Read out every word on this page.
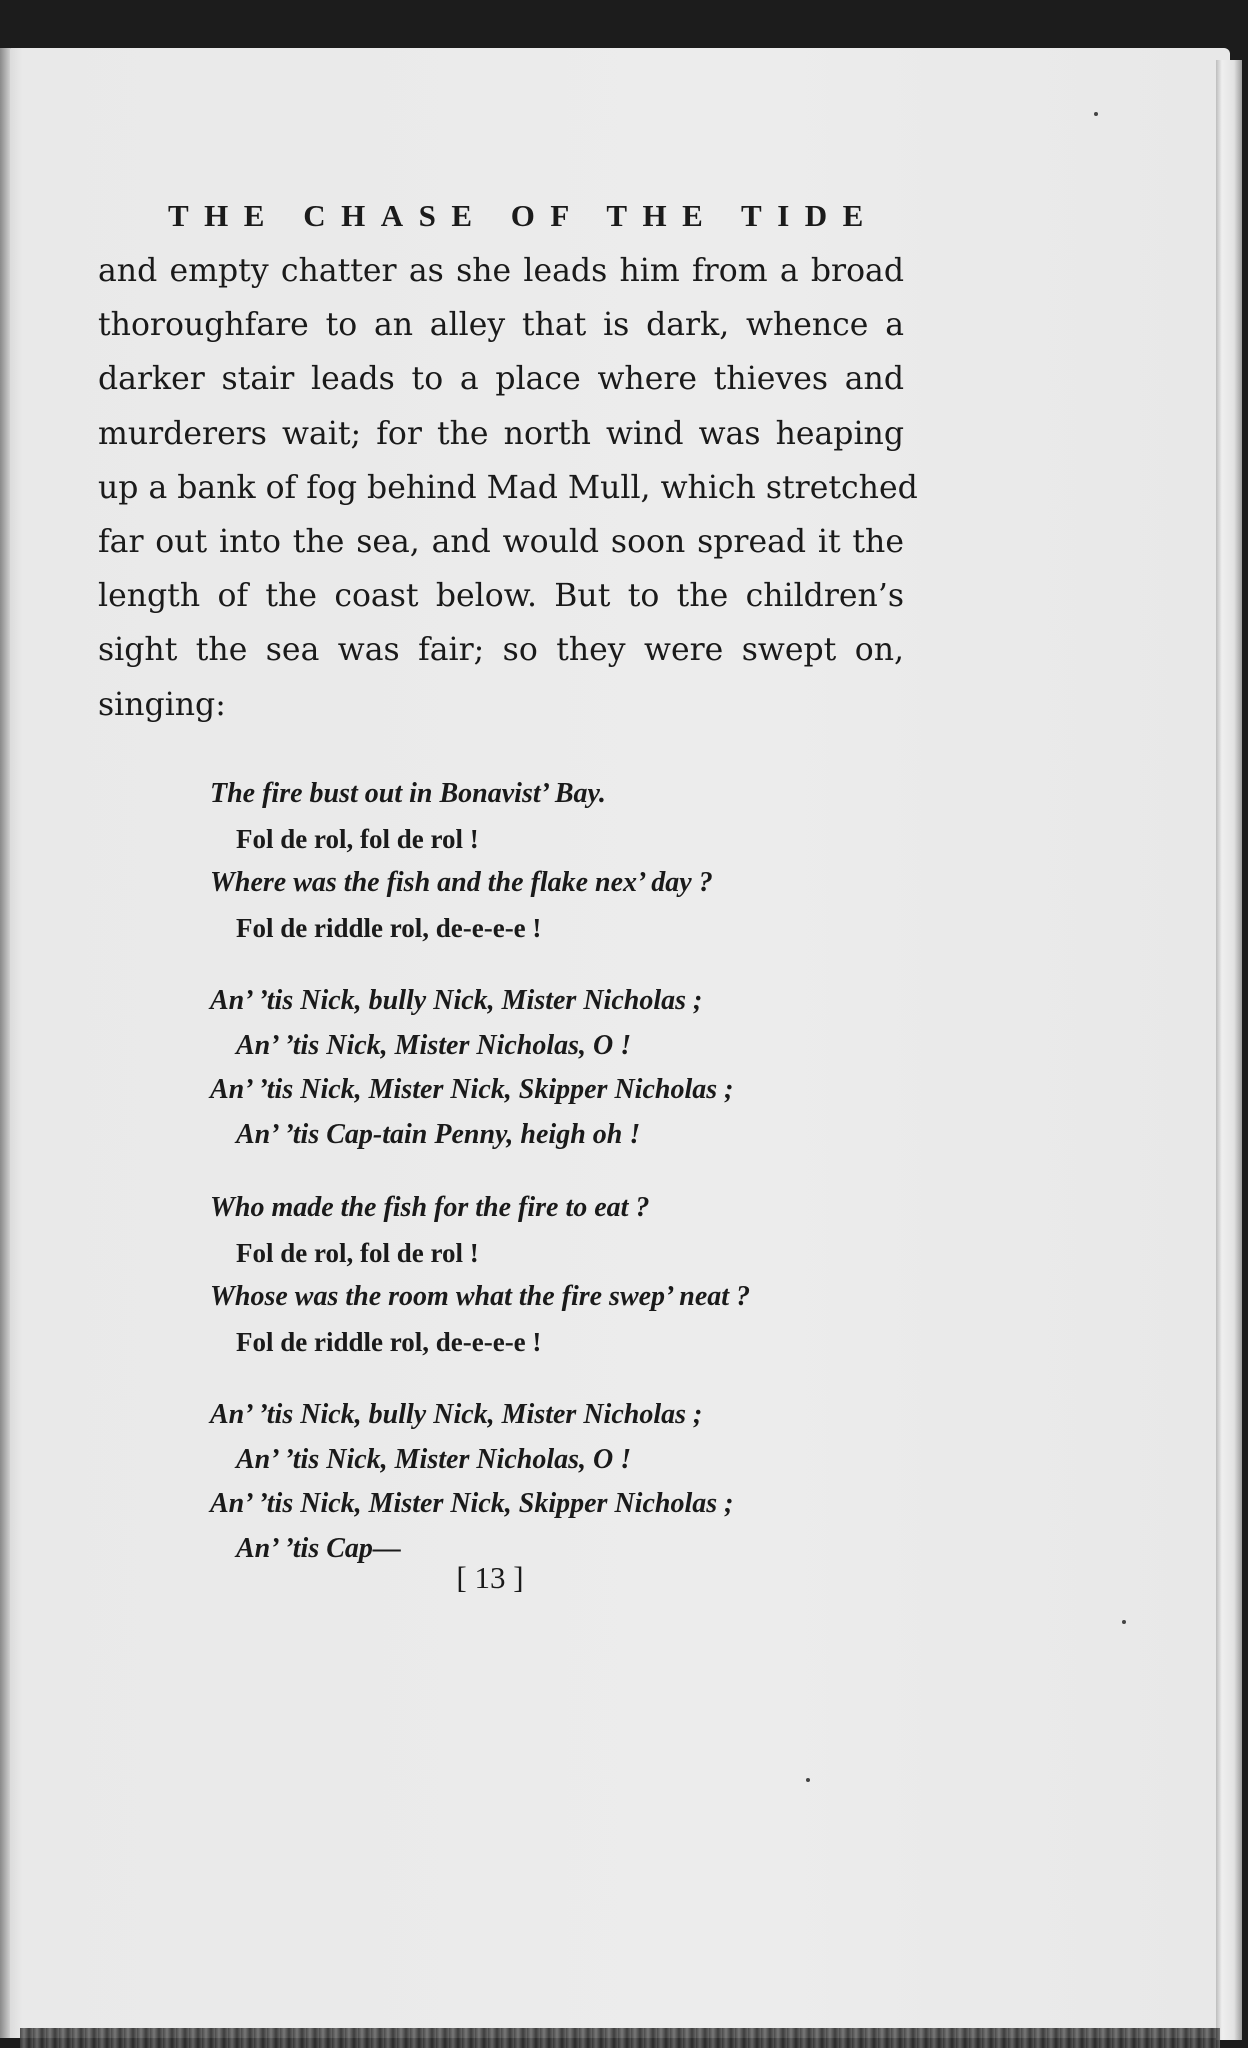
THE CHASE OF THE TIDE
and empty chatter as she leads him from a broad
thoroughfare to an alley that is dark, whence a
darker stair leads to a place where thieves and
murderers wait; for the north wind was heaping
up a bank of fog behind Mad Mull, which stretched
far out into the sea, and would soon spread it the
length of the coast below. But to the children’s
sight the sea was fair; so they were swept on,
singing:
The fire bust out in Bonavist’ Bay.
Fol de rol, fol de rol !
Where was the fish and the flake nex’ day ?
Fol de riddle rol, de-e-e-e !
An’ ’tis Nick, bully Nick, Mister Nicholas ;
An’ ’tis Nick, Mister Nicholas, O !
An’ ’tis Nick, Mister Nick, Skipper Nicholas ;
An’ ’tis Cap-tain Penny, heigh oh !
Who made the fish for the fire to eat ?
Fol de rol, fol de rol !
Whose was the room what the fire swep’ neat ?
Fol de riddle rol, de-e-e-e !
An’ ’tis Nick, bully Nick, Mister Nicholas ;
An’ ’tis Nick, Mister Nicholas, O !
An’ ’tis Nick, Mister Nick, Skipper Nicholas ;
An’ ’tis Cap—
[ 13 ]
